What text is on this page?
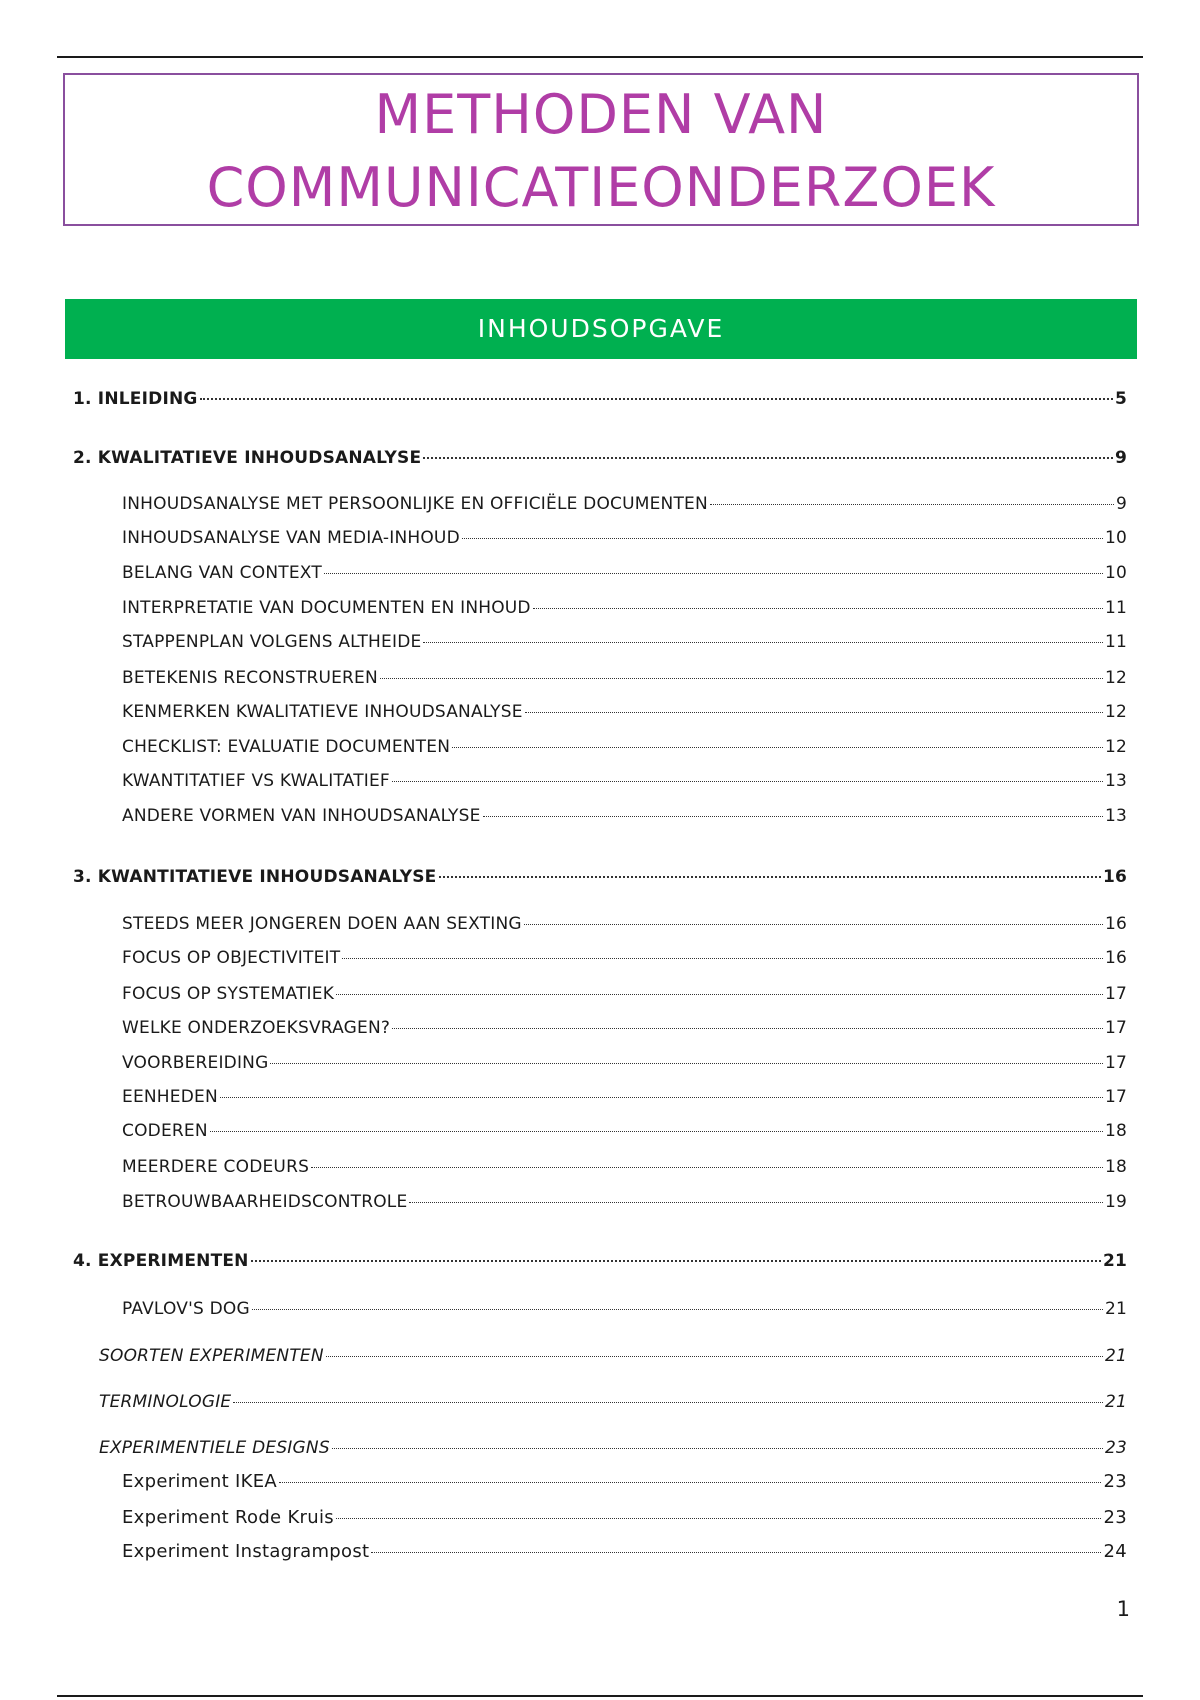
METHODEN VAN
COMMUNICATIEONDERZOEK
INHOUDSOPGAVE
1. INLEIDING	5
2. KWALITATIEVE INHOUDSANALYSE	9
INHOUDSANALYSE MET PERSOONLIJKE EN OFFICIËLE DOCUMENTEN	9
INHOUDSANALYSE VAN MEDIA-INHOUD	10
BELANG VAN CONTEXT	10
INTERPRETATIE VAN DOCUMENTEN EN INHOUD	11
STAPPENPLAN VOLGENS ALTHEIDE	11
BETEKENIS RECONSTRUEREN	12
KENMERKEN KWALITATIEVE INHOUDSANALYSE	12
CHECKLIST: EVALUATIE DOCUMENTEN	12
KWANTITATIEF VS KWALITATIEF	13
ANDERE VORMEN VAN INHOUDSANALYSE	13
3. KWANTITATIEVE INHOUDSANALYSE	16
STEEDS MEER JONGEREN DOEN AAN SEXTING	16
FOCUS OP OBJECTIVITEIT	16
FOCUS OP SYSTEMATIEK	17
WELKE ONDERZOEKSVRAGEN?	17
VOORBEREIDING	17
EENHEDEN	17
CODEREN	18
MEERDERE CODEURS	18
BETROUWBAARHEIDSCONTROLE	19
4. EXPERIMENTEN	21
PAVLOV'S DOG	21
SOORTEN EXPERIMENTEN	21
TERMINOLOGIE	21
EXPERIMENTIELE DESIGNS	23
Experiment IKEA	23
Experiment Rode Kruis	23
Experiment Instagrampost	24
1
